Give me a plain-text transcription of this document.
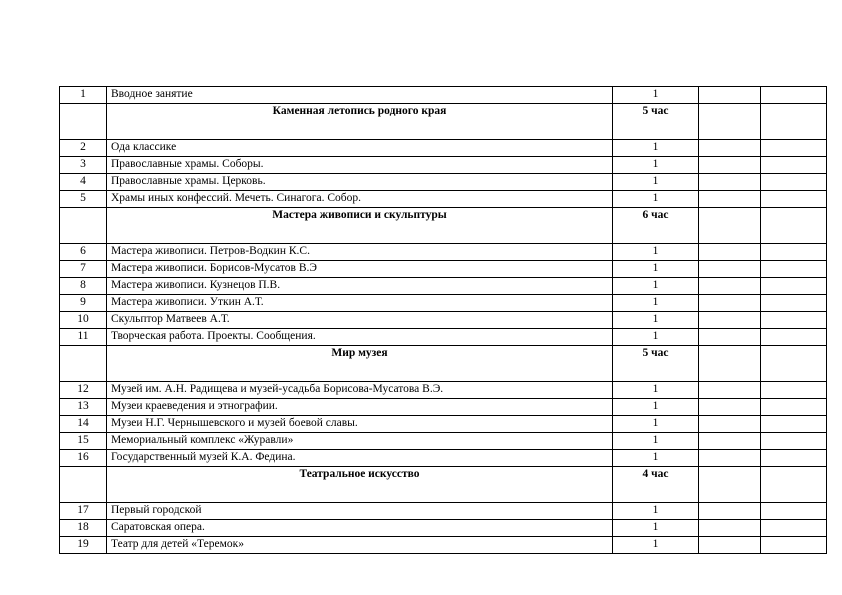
1	Вводное занятие	1		
	Каменная летопись родного края	5 час		
2	Ода классике	1		
3	Православные храмы. Соборы.	1		
4	Православные храмы. Церковь.	1		
5	Храмы иных конфессий. Мечеть. Синагога. Собор.	1		
	Мастера живописи и скульптуры	6 час		
6	Мастера живописи. Петров-Водкин К.С.	1		
7	Мастера живописи. Борисов-Мусатов В.Э	1		
8	Мастера живописи. Кузнецов П.В.	1		
9	Мастера живописи. Уткин А.Т.	1		
10	Скульптор Матвеев А.Т.	1		
11	Творческая работа. Проекты. Сообщения.	1		
	Мир музея	5 час		
12	Музей им. А.Н. Радищева и музей-усадьба Борисова-Мусатова В.Э.	1		
13	Музеи краеведения и этнографии.	1		
14	Музеи Н.Г. Чернышевского и музей боевой славы.	1		
15	Мемориальный комплекс «Журавли»	1		
16	Государственный музей К.А. Федина.	1		
	Театральное искусство	4 час		
17	Первый городской	1		
18	Саратовская опера.	1		
19	Театр для детей «Теремок»	1		
